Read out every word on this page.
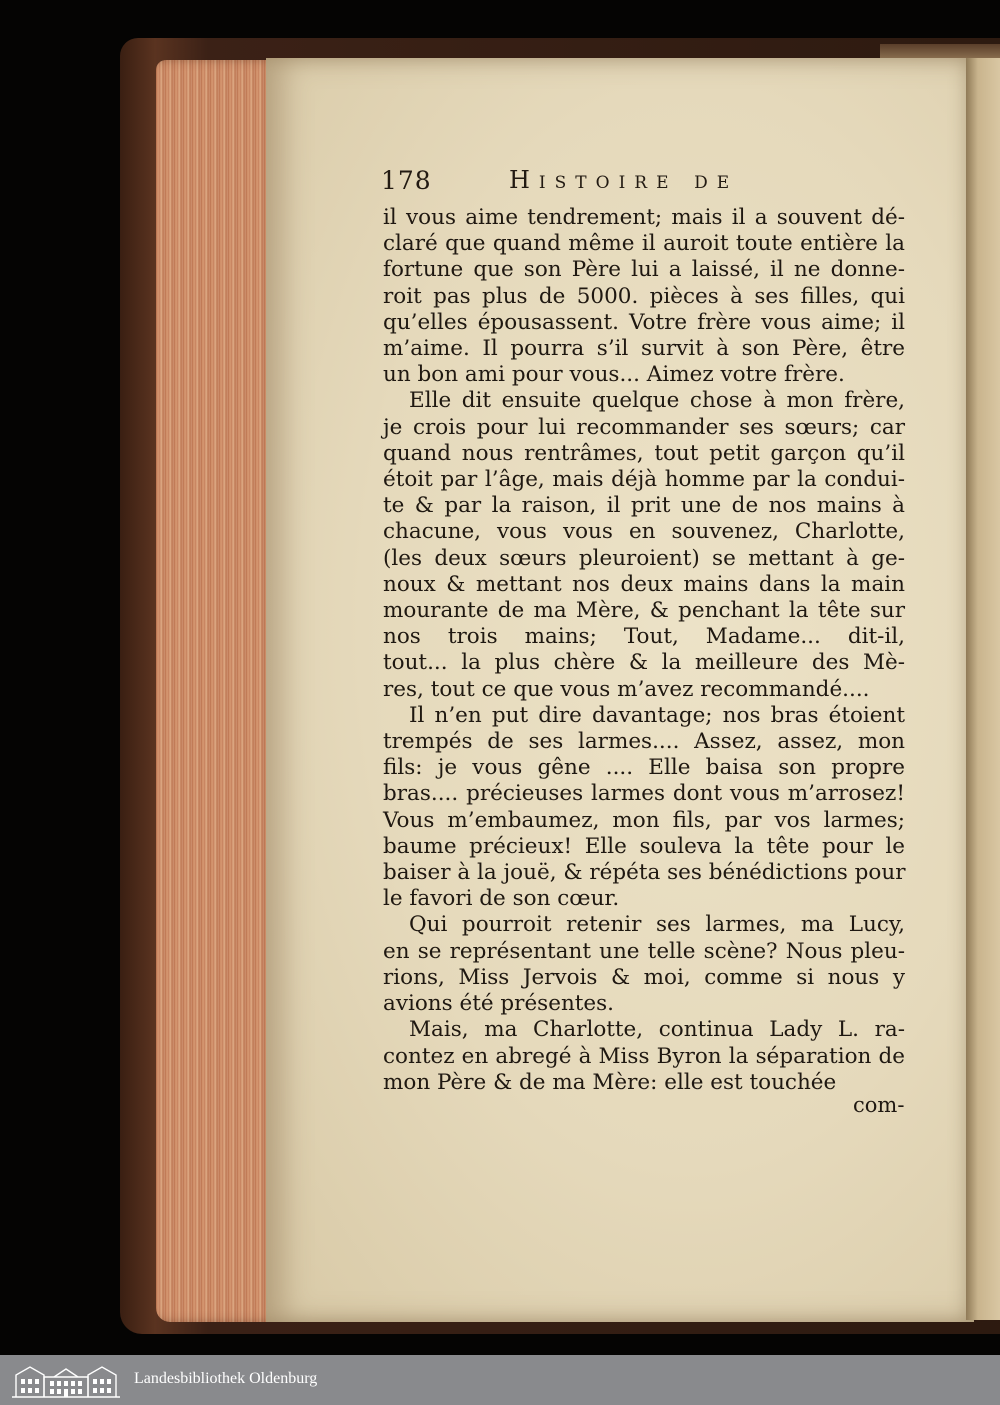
178	Histoire de
il vous aime tendrement; mais il a souvent dé-
claré que quand même il auroit toute entière la
fortune que son Père lui a laissé, il ne donne-
roit pas plus de 5000. pièces à ses filles, qui
qu’elles épousassent. Votre frère vous aime; il
m’aime. Il pourra s’il survit à son Père, être
un bon ami pour vous... Aimez votre frère.
Elle dit ensuite quelque chose à mon frère,
je crois pour lui recommander ses sœurs; car
quand nous rentrâmes, tout petit garçon qu’il
étoit par l’âge, mais déjà homme par la condui-
te & par la raison, il prit une de nos mains à
chacune, vous vous en souvenez, Charlotte,
(les deux sœurs pleuroient) se mettant à ge-
noux & mettant nos deux mains dans la main
mourante de ma Mère, & penchant la tête sur
nos trois mains; Tout, Madame... dit-il,
tout... la plus chère & la meilleure des Mè-
res, tout ce que vous m’avez recommandé....
Il n’en put dire davantage; nos bras étoient
trempés de ses larmes.... Assez, assez, mon
fils: je vous gêne .... Elle baisa son propre
bras.... précieuses larmes dont vous m’arrosez!
Vous m’embaumez, mon fils, par vos larmes;
baume précieux! Elle souleva la tête pour le
baiser à la jouë, & répéta ses bénédictions pour
le favori de son cœur.
Qui pourroit retenir ses larmes, ma Lucy,
en se représentant une telle scène? Nous pleu-
rions, Miss Jervois & moi, comme si nous y
avions été présentes.
Mais, ma Charlotte, continua Lady L. ra-
contez en abregé à Miss Byron la séparation de
mon Père & de ma Mère: elle est touchée
com-
Landesbibliothek Oldenburg
